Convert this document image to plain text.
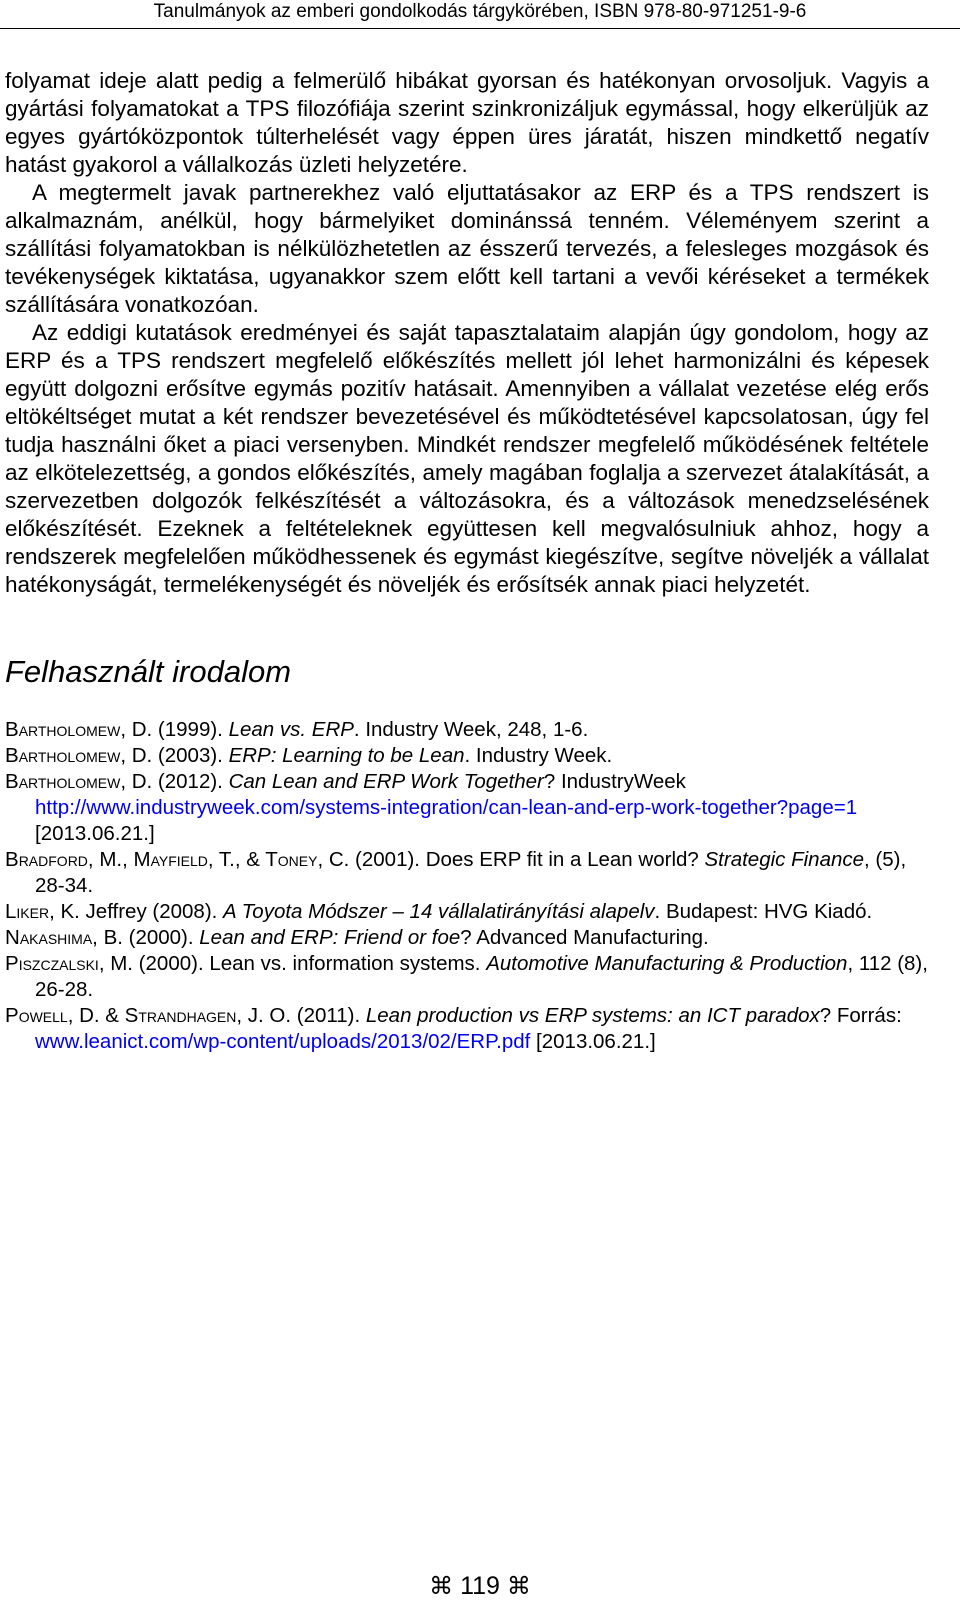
Tanulmányok az emberi gondolkodás tárgykörében, ISBN 978-80-971251-9-6

folyamat ideje alatt pedig a felmerülő hibákat gyorsan és hatékonyan orvosoljuk. Vagyis a gyártási folyamatokat a TPS filozófiája szerint szinkronizáljuk egymással, hogy elkerüljük az egyes gyártóközpontok túlterhelését vagy éppen üres járatát, hiszen mindkettő negatív hatást gyakorol a vállalkozás üzleti helyzetére.

A megtermelt javak partnerekhez való eljuttatásakor az ERP és a TPS rendszert is alkalmaznám, anélkül, hogy bármelyiket dominánssá tenném. Véleményem szerint a szállítási folyamatokban is nélkülözhetetlen az ésszerű tervezés, a felesleges mozgások és tevékenységek kiktatása, ugyanakkor szem előtt kell tartani a vevői kéréseket a termékek szállítására vonatkozóan.

Az eddigi kutatások eredményei és saját tapasztalataim alapján úgy gondolom, hogy az ERP és a TPS rendszert megfelelő előkészítés mellett jól lehet harmonizálni és képesek együtt dolgozni erősítve egymás pozitív hatásait. Amennyiben a vállalat vezetése elég erős eltökéltséget mutat a két rendszer bevezetésével és működtetésével kapcsolatosan, úgy fel tudja használni őket a piaci versenyben. Mindkét rendszer megfelelő működésének feltétele az elkötelezettség, a gondos előkészítés, amely magában foglalja a szervezet átalakítását, a szervezetben dolgozók felkészítését a változásokra, és a változások menedzselésének előkészítését. Ezeknek a feltételeknek együttesen kell megvalósulniuk ahhoz, hogy a rendszerek megfelelően működhessenek és egymást kiegészítve, segítve növeljék a vállalat hatékonyságát, termelékenységét és növeljék és erősítsék annak piaci helyzetét.

Felhasznált irodalom

Bartholomew, D. (1999). Lean vs. ERP. Industry Week, 248, 1-6.

Bartholomew, D. (2003). ERP: Learning to be Lean. Industry Week.

Bartholomew, D. (2012). Can Lean and ERP Work Together? IndustryWeek http://www.industryweek.com/systems-integration/can-lean-and-erp-work-together?page=1 [2013.06.21.]

Bradford, M., Mayfield, T., & Toney, C. (2001). Does ERP fit in a Lean world? Strategic Finance, (5), 28-34.

Liker, K. Jeffrey (2008). A Toyota Módszer – 14 vállalatirányítási alapelv. Budapest: HVG Kiadó.

Nakashima, B. (2000). Lean and ERP: Friend or foe? Advanced Manufacturing.

Piszczalski, M. (2000). Lean vs. information systems. Automotive Manufacturing & Production, 112 (8), 26-28.

Powell, D. & Strandhagen, J. O. (2011). Lean production vs ERP systems: an ICT paradox? Forrás: www.leanict.com/wp-content/uploads/2013/02/ERP.pdf [2013.06.21.]

⌘ 119 ⌘
